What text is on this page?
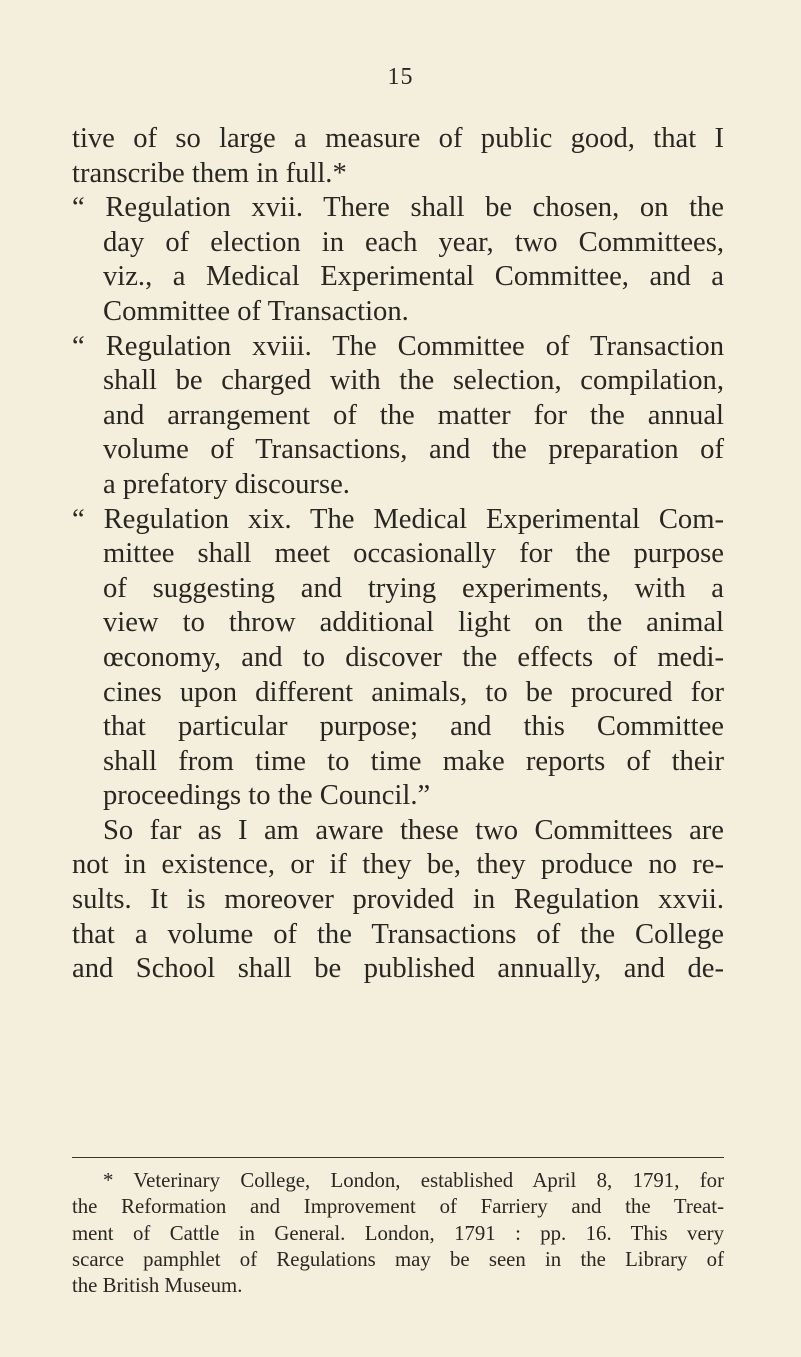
15
tive of so large a measure of public good, that I
transcribe them in full.*
“ Regulation xvii. There shall be chosen, on the
day of election in each year, two Committees,
viz., a Medical Experimental Committee, and a
Committee of Transaction.
“ Regulation xviii. The Committee of Transaction
shall be charged with the selection, compilation,
and arrangement of the matter for the annual
volume of Transactions, and the preparation of
a prefatory discourse.
“ Regulation xix. The Medical Experimental Com-
mittee shall meet occasionally for the purpose
of suggesting and trying experiments, with a
view to throw additional light on the animal
œconomy, and to discover the effects of medi-
cines upon different animals, to be procured for
that particular purpose; and this Committee
shall from time to time make reports of their
proceedings to the Council.”
So far as I am aware these two Committees are
not in existence, or if they be, they produce no re-
sults. It is moreover provided in Regulation xxvii.
that a volume of the Transactions of the College
and School shall be published annually, and de-
* Veterinary College, London, established April 8, 1791, for
the Reformation and Improvement of Farriery and the Treat-
ment of Cattle in General. London, 1791 : pp. 16. This very
scarce pamphlet of Regulations may be seen in the Library of
the British Museum.
